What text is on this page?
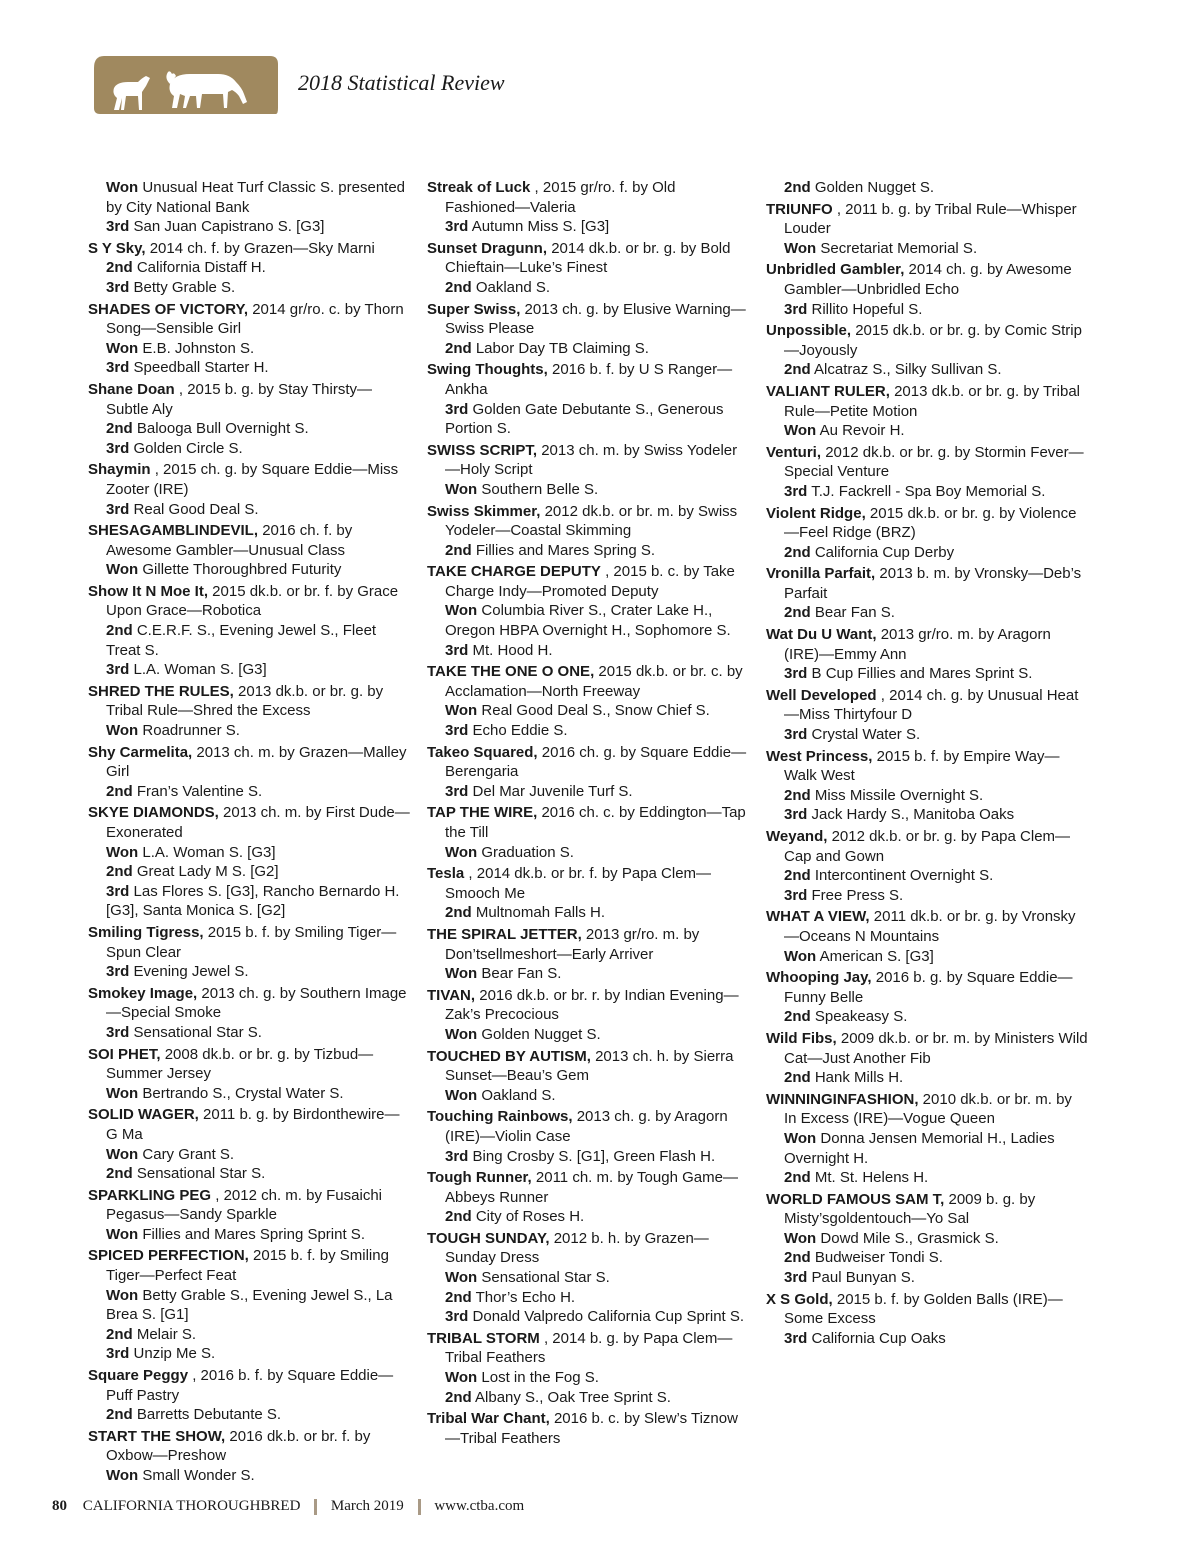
2018 Statistical Review
Won Unusual Heat Turf Classic S. presented by City National Bank
3rd San Juan Capistrano S. [G3]
S Y Sky, 2014 ch. f. by Grazen—Sky Marni
2nd California Distaff H.
3rd Betty Grable S.
SHADES OF VICTORY, 2014 gr/ro. c. by Thorn Song—Sensible Girl
Won E.B. Johnston S.
3rd Speedball Starter H.
Shane Doan , 2015 b. g. by Stay Thirsty—Subtle Aly
2nd Balooga Bull Overnight S.
3rd Golden Circle S.
Shaymin , 2015 ch. g. by Square Eddie—Miss Zooter (IRE)
3rd Real Good Deal S.
SHESAGAMBLINDEVIL, 2016 ch. f. by Awesome Gambler—Unusual Class
Won Gillette Thoroughbred Futurity
Show It N Moe It, 2015 dk.b. or br. f. by Grace Upon Grace—Robotica
2nd C.E.R.F. S., Evening Jewel S., Fleet Treat S.
3rd L.A. Woman S. [G3]
SHRED THE RULES, 2013 dk.b. or br. g. by Tribal Rule—Shred the Excess
Won Roadrunner S.
Shy Carmelita, 2013 ch. m. by Grazen—Malley Girl
2nd Fran’s Valentine S.
SKYE DIAMONDS, 2013 ch. m. by First Dude—Exonerated
Won L.A. Woman S. [G3]
2nd Great Lady M S. [G2]
3rd Las Flores S. [G3], Rancho Bernardo H. [G3], Santa Monica S. [G2]
Smiling Tigress, 2015 b. f. by Smiling Tiger—Spun Clear
3rd Evening Jewel S.
Smokey Image, 2013 ch. g. by Southern Image—Special Smoke
3rd Sensational Star S.
SOI PHET, 2008 dk.b. or br. g. by Tizbud—Summer Jersey
Won Bertrando S., Crystal Water S.
SOLID WAGER, 2011 b. g. by Birdonthewire—G Ma
Won Cary Grant S.
2nd Sensational Star S.
SPARKLING PEG , 2012 ch. m. by Fusaichi Pegasus—Sandy Sparkle
Won Fillies and Mares Spring Sprint S.
SPICED PERFECTION, 2015 b. f. by Smiling Tiger—Perfect Feat
Won Betty Grable S., Evening Jewel S., La Brea S. [G1]
2nd Melair S.
3rd Unzip Me S.
Square Peggy , 2016 b. f. by Square Eddie—Puff Pastry
2nd Barretts Debutante S.
START THE SHOW, 2016 dk.b. or br. f. by Oxbow—Preshow
Won Small Wonder S.
Streak of Luck , 2015 gr/ro. f. by Old Fashioned—Valeria
3rd Autumn Miss S. [G3]
Sunset Dragunn, 2014 dk.b. or br. g. by Bold Chieftain—Luke’s Finest
2nd Oakland S.
Super Swiss, 2013 ch. g. by Elusive Warning—Swiss Please
2nd Labor Day TB Claiming S.
Swing Thoughts, 2016 b. f. by U S Ranger—Ankha
3rd Golden Gate Debutante S., Generous Portion S.
SWISS SCRIPT, 2013 ch. m. by Swiss Yodeler—Holy Script
Won Southern Belle S.
Swiss Skimmer, 2012 dk.b. or br. m. by Swiss Yodeler—Coastal Skimming
2nd Fillies and Mares Spring S.
TAKE CHARGE DEPUTY , 2015 b. c. by Take Charge Indy—Promoted Deputy
Won Columbia River S., Crater Lake H., Oregon HBPA Overnight H., Sophomore S.
3rd Mt. Hood H.
TAKE THE ONE O ONE, 2015 dk.b. or br. c. by Acclamation—North Freeway
Won Real Good Deal S., Snow Chief S.
3rd Echo Eddie S.
Takeo Squared, 2016 ch. g. by Square Eddie—Berengaria
3rd Del Mar Juvenile Turf S.
TAP THE WIRE, 2016 ch. c. by Eddington—Tap the Till
Won Graduation S.
Tesla , 2014 dk.b. or br. f. by Papa Clem—Smooch Me
2nd Multnomah Falls H.
THE SPIRAL JETTER, 2013 gr/ro. m. by Don’tsellmeshort—Early Arriver
Won Bear Fan S.
TIVAN, 2016 dk.b. or br. r. by Indian Evening—Zak’s Precocious
Won Golden Nugget S.
TOUCHED BY AUTISM, 2013 ch. h. by Sierra Sunset—Beau’s Gem
Won Oakland S.
Touching Rainbows, 2013 ch. g. by Aragorn (IRE)—Violin Case
3rd Bing Crosby S. [G1], Green Flash H.
Tough Runner, 2011 ch. m. by Tough Game—Abbeys Runner
2nd City of Roses H.
TOUGH SUNDAY, 2012 b. h. by Grazen—Sunday Dress
Won Sensational Star S.
2nd Thor’s Echo H.
3rd Donald Valpredo California Cup Sprint S.
TRIBAL STORM , 2014 b. g. by Papa Clem—Tribal Feathers
Won Lost in the Fog S.
2nd Albany S., Oak Tree Sprint S.
Tribal War Chant, 2016 b. c. by Slew’s Tiznow—Tribal Feathers
2nd Golden Nugget S.
TRIUNFO , 2011 b. g. by Tribal Rule—Whisper Louder
Won Secretariat Memorial S.
Unbridled Gambler, 2014 ch. g. by Awesome Gambler—Unbridled Echo
3rd Rillito Hopeful S.
Unpossible, 2015 dk.b. or br. g. by Comic Strip—Joyously
2nd Alcatraz S., Silky Sullivan S.
VALIANT RULER, 2013 dk.b. or br. g. by Tribal Rule—Petite Motion
Won Au Revoir H.
Venturi, 2012 dk.b. or br. g. by Stormin Fever—Special Venture
3rd T.J. Fackrell - Spa Boy Memorial S.
Violent Ridge, 2015 dk.b. or br. g. by Violence—Feel Ridge (BRZ)
2nd California Cup Derby
Vronilla Parfait, 2013 b. m. by Vronsky—Deb’s Parfait
2nd Bear Fan S.
Wat Du U Want, 2013 gr/ro. m. by Aragorn (IRE)—Emmy Ann
3rd B Cup Fillies and Mares Sprint S.
Well Developed , 2014 ch. g. by Unusual Heat—Miss Thirtyfour D
3rd Crystal Water S.
West Princess, 2015 b. f. by Empire Way—Walk West
2nd Miss Missile Overnight S.
3rd Jack Hardy S., Manitoba Oaks
Weyand, 2012 dk.b. or br. g. by Papa Clem—Cap and Gown
2nd Intercontinent Overnight S.
3rd Free Press S.
WHAT A VIEW, 2011 dk.b. or br. g. by Vronsky—Oceans N Mountains
Won American S. [G3]
Whooping Jay, 2016 b. g. by Square Eddie—Funny Belle
2nd Speakeasy S.
Wild Fibs, 2009 dk.b. or br. m. by Ministers Wild Cat—Just Another Fib
2nd Hank Mills H.
WINNINGINFASHION, 2010 dk.b. or br. m. by In Excess (IRE)—Vogue Queen
Won Donna Jensen Memorial H., Ladies Overnight H.
2nd Mt. St. Helens H.
WORLD FAMOUS SAM T, 2009 b. g. by Misty’sgoldentouch—Yo Sal
Won Dowd Mile S., Grasmick S.
2nd Budweiser Tondi S.
3rd Paul Bunyan S.
X S Gold, 2015 b. f. by Golden Balls (IRE)—Some Excess
3rd California Cup Oaks
80 CALIFORNIA THOROUGHBRED March 2019 www.ctba.com
